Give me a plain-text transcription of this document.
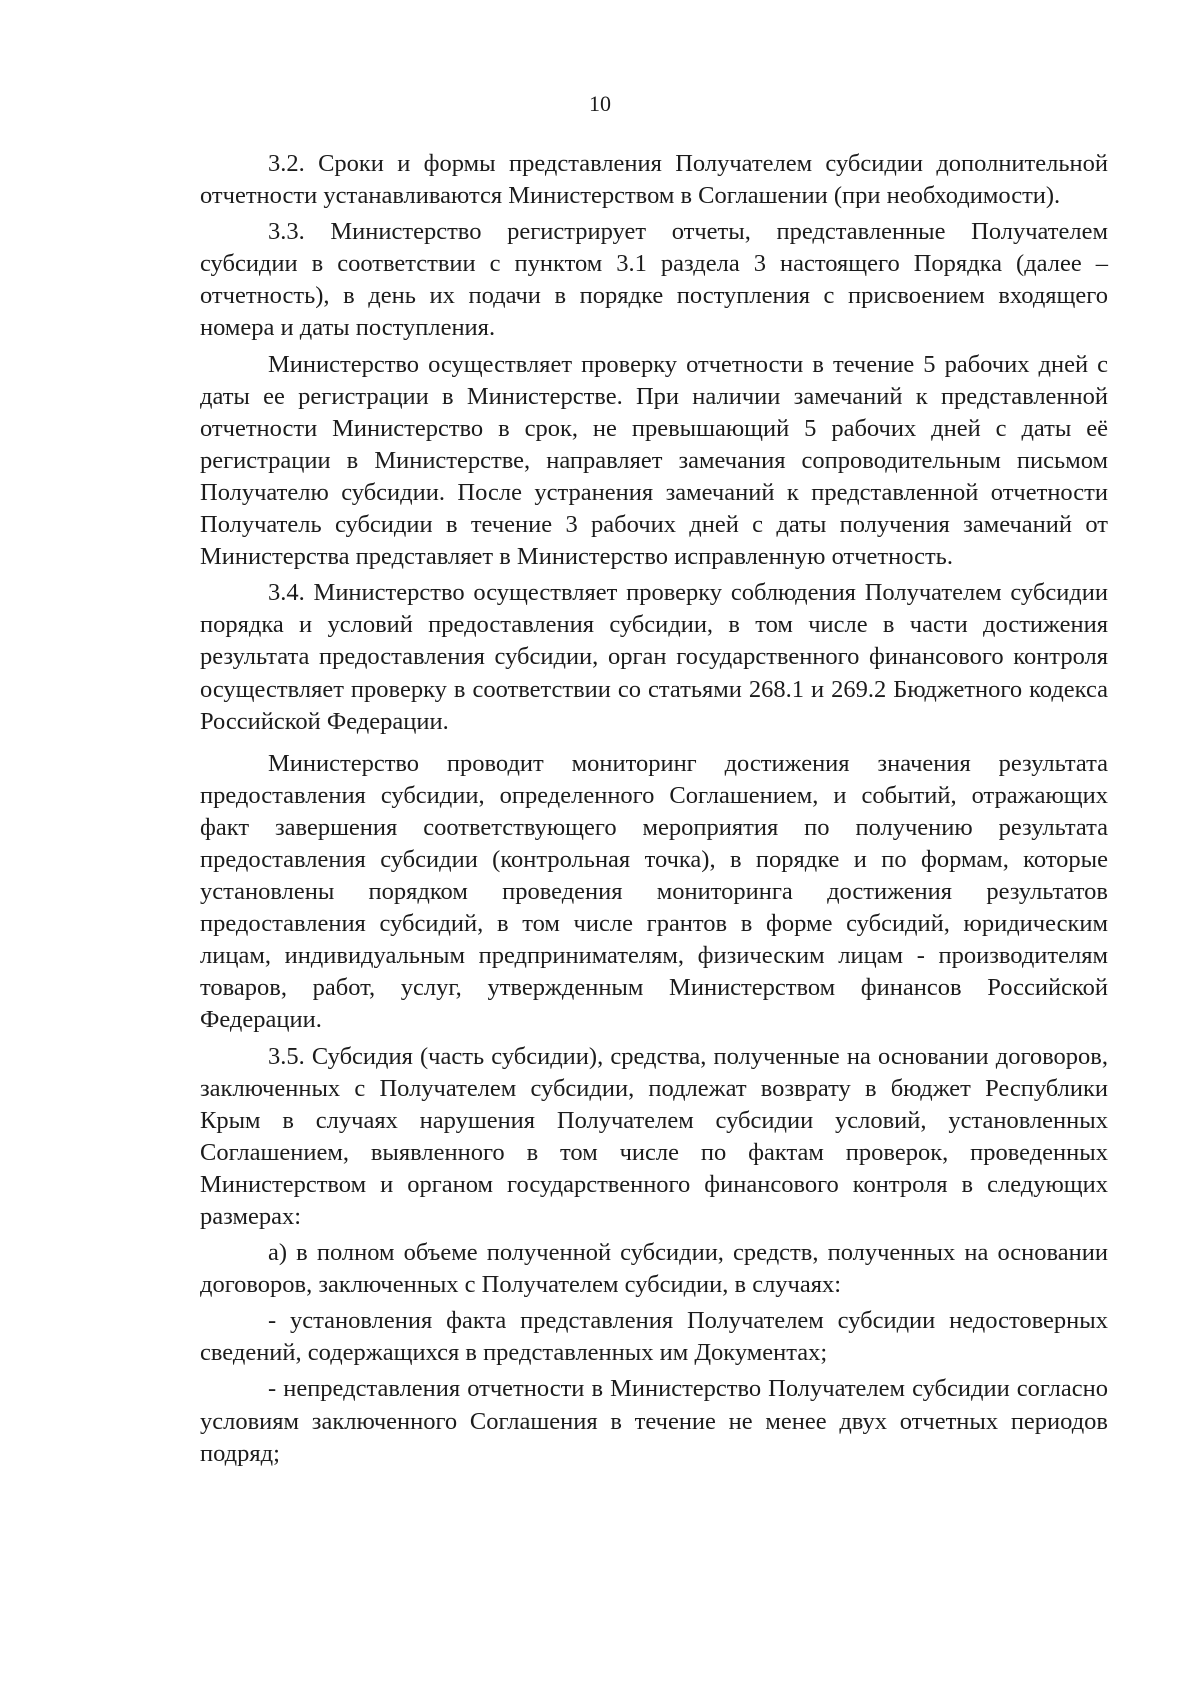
10

3.2. Сроки и формы представления Получателем субсидии дополнительной отчетности устанавливаются Министерством в Соглашении (при необходимости).

3.3. Министерство регистрирует отчеты, представленные Получателем субсидии в соответствии с пунктом 3.1 раздела 3 настоящего Порядка (далее – отчетность), в день их подачи в порядке поступления с присвоением входящего номера и даты поступления.

Министерство осуществляет проверку отчетности в течение 5 рабочих дней с даты ее регистрации в Министерстве. При наличии замечаний к представленной отчетности Министерство в срок, не превышающий 5 рабочих дней с даты её регистрации в Министерстве, направляет замечания сопроводительным письмом Получателю субсидии. После устранения замечаний к представленной отчетности Получатель субсидии в течение 3 рабочих дней с даты получения замечаний от Министерства представляет в Министерство исправленную отчетность.

3.4. Министерство осуществляет проверку соблюдения Получателем субсидии порядка и условий предоставления субсидии, в том числе в части достижения результата предоставления субсидии, орган государственного финансового контроля осуществляет проверку в соответствии со статьями 268.1 и 269.2 Бюджетного кодекса Российской Федерации.

Министерство проводит мониторинг достижения значения результата предоставления субсидии, определенного Соглашением, и событий, отражающих факт завершения соответствующего мероприятия по получению результата предоставления субсидии (контрольная точка), в порядке и по формам, которые установлены порядком проведения мониторинга достижения результатов предоставления субсидий, в том числе грантов в форме субсидий, юридическим лицам, индивидуальным предпринимателям, физическим лицам - производителям товаров, работ, услуг, утвержденным Министерством финансов Российской Федерации.

3.5. Субсидия (часть субсидии), средства, полученные на основании договоров, заключенных с Получателем субсидии, подлежат возврату в бюджет Республики Крым в случаях нарушения Получателем субсидии условий, установленных Соглашением, выявленного в том числе по фактам проверок, проведенных Министерством и органом государственного финансового контроля в следующих размерах:

а) в полном объеме полученной субсидии, средств, полученных на основании договоров, заключенных с Получателем субсидии, в случаях:

- установления факта представления Получателем субсидии недостоверных сведений, содержащихся в представленных им Документах;

- непредставления отчетности в Министерство Получателем субсидии согласно условиям заключенного Соглашения в течение не менее двух отчетных периодов подряд;
